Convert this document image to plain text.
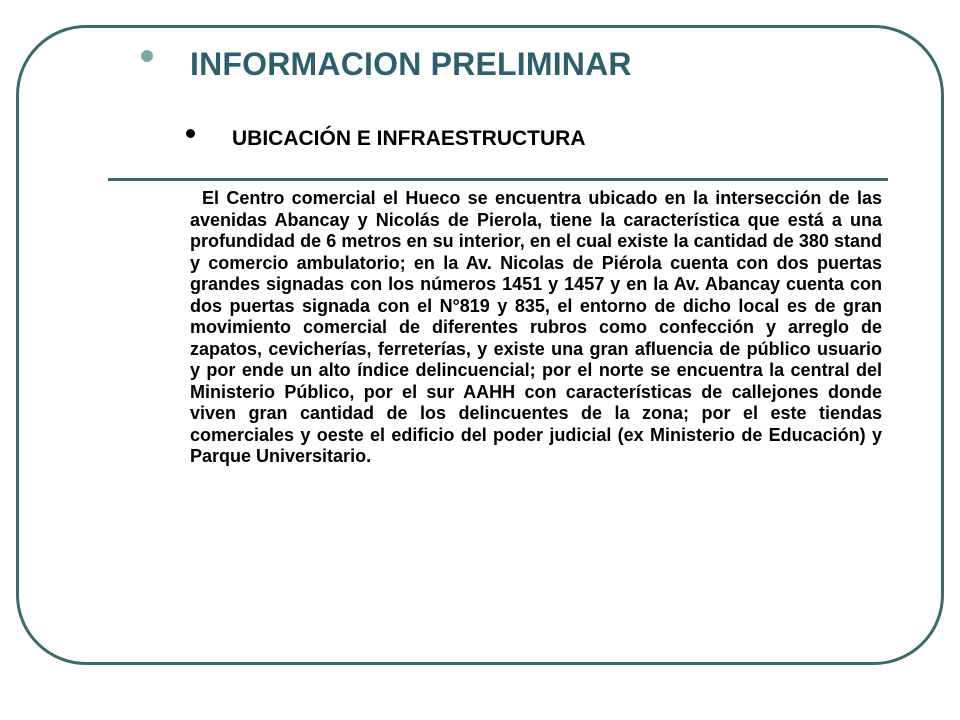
INFORMACION PRELIMINAR
UBICACIÓN E INFRAESTRUCTURA

El Centro comercial el Hueco se encuentra ubicado en la intersección de las avenidas Abancay y Nicolás de Pierola, tiene la característica que está a una profundidad de 6 metros en su interior, en el cual existe la cantidad de 380 stand y comercio ambulatorio; en la Av. Nicolas de Piérola cuenta con dos puertas grandes signadas con los números 1451 y 1457 y en la Av. Abancay cuenta con dos puertas signada con el N°819 y 835, el entorno de dicho local es de gran movimiento comercial de diferentes rubros como confección y arreglo de zapatos, cevicherías, ferreterías, y existe una gran afluencia de público usuario y por ende un alto índice delincuencial; por el norte se encuentra la central del Ministerio Público, por el sur AAHH con características de callejones donde viven gran cantidad de los delincuentes de la zona; por el este tiendas comerciales y oeste el edificio del poder judicial (ex Ministerio de Educación) y Parque Universitario.
